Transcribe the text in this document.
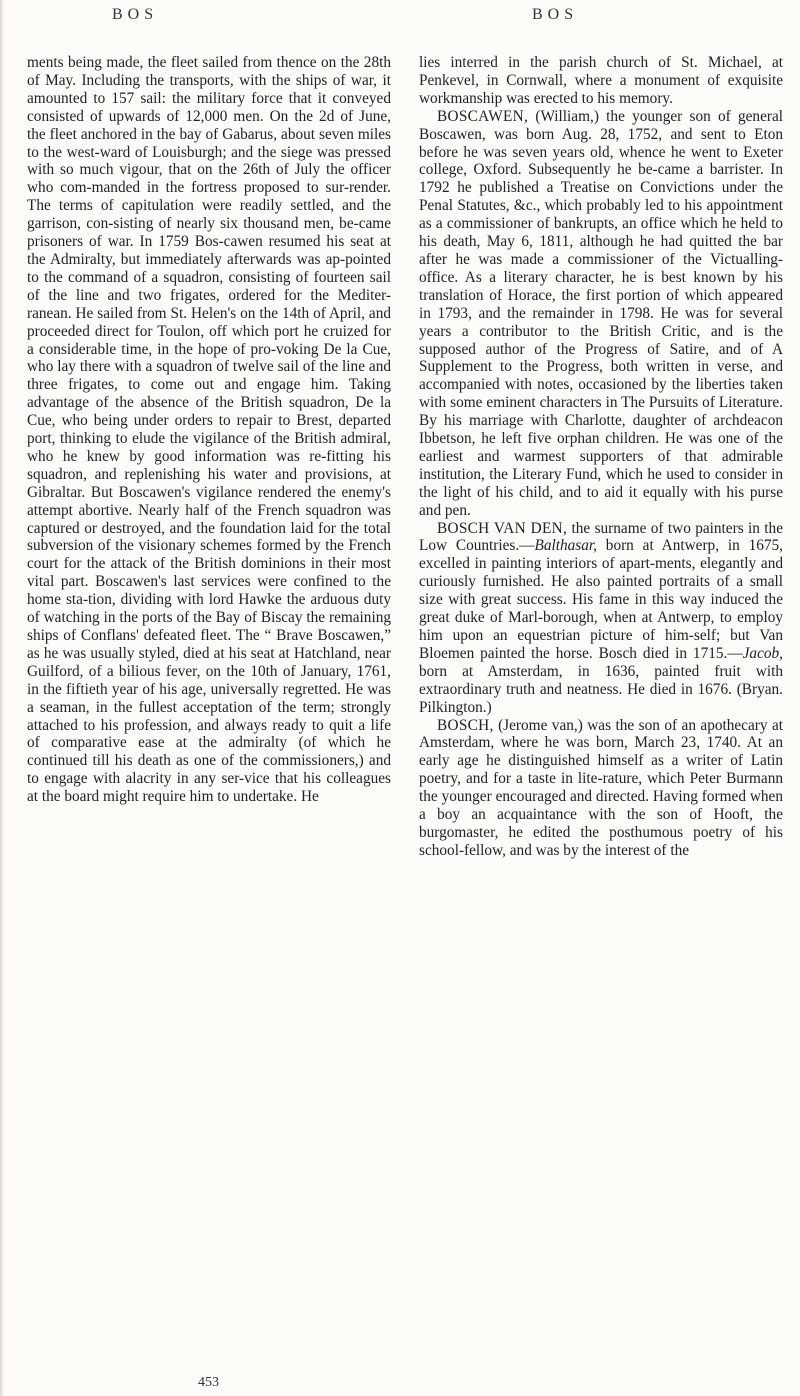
BOS	BOS

ments being made, the fleet sailed from thence on the 28th of May. Including the transports, with the ships of war, it amounted to 157 sail: the military force that it conveyed consisted of upwards of 12,000 men. On the 2d of June, the fleet anchored in the bay of Gabarus, about seven miles to the west-ward of Louisburgh; and the siege was pressed with so much vigour, that on the 26th of July the officer who com-manded in the fortress proposed to sur-render. The terms of capitulation were readily settled, and the garrison, con-sisting of nearly six thousand men, be-came prisoners of war. In 1759 Bos-cawen resumed his seat at the Admiralty, but immediately afterwards was ap-pointed to the command of a squadron, consisting of fourteen sail of the line and two frigates, ordered for the Mediter-ranean. He sailed from St. Helen's on the 14th of April, and proceeded direct for Toulon, off which port he cruized for a considerable time, in the hope of pro-voking De la Cue, who lay there with a squadron of twelve sail of the line and three frigates, to come out and engage him. Taking advantage of the absence of the British squadron, De la Cue, who being under orders to repair to Brest, departed port, thinking to elude the vigilance of the British admiral, who he knew by good information was re-fitting his squadron, and replenishing his water and provisions, at Gibraltar. But Boscawen's vigilance rendered the enemy's attempt abortive. Nearly half of the French squadron was captured or destroyed, and the foundation laid for the total subversion of the visionary schemes formed by the French court for the attack of the British dominions in their most vital part. Boscawen's last services were confined to the home sta-tion, dividing with lord Hawke the arduous duty of watching in the ports of the Bay of Biscay the remaining ships of Conflans' defeated fleet. The “ Brave Boscawen,” as he was usually styled, died at his seat at Hatchland, near Guilford, of a bilious fever, on the 10th of January, 1761, in the fiftieth year of his age, universally regretted. He was a seaman, in the fullest acceptation of the term; strongly attached to his profession, and always ready to quit a life of comparative ease at the admiralty (of which he continued till his death as one of the commissioners,) and to engage with alacrity in any ser-vice that his colleagues at the board might require him to undertake. He

lies interred in the parish church of St. Michael, at Penkevel, in Cornwall, where a monument of exquisite workmanship was erected to his memory.

BOSCAWEN, (William,) the younger son of general Boscawen, was born Aug. 28, 1752, and sent to Eton before he was seven years old, whence he went to Exeter college, Oxford. Subsequently he be-came a barrister. In 1792 he published a Treatise on Convictions under the Penal Statutes, &c., which probably led to his appointment as a commissioner of bankrupts, an office which he held to his death, May 6, 1811, although he had quitted the bar after he was made a commissioner of the Victualling-office. As a literary character, he is best known by his translation of Horace, the first portion of which appeared in 1793, and the remainder in 1798. He was for several years a contributor to the British Critic, and is the supposed author of the Progress of Satire, and of A Supplement to the Progress, both written in verse, and accompanied with notes, occasioned by the liberties taken with some eminent characters in The Pursuits of Literature. By his marriage with Charlotte, daughter of archdeacon Ibbetson, he left five orphan children. He was one of the earliest and warmest supporters of that admirable institution, the Literary Fund, which he used to consider in the light of his child, and to aid it equally with his purse and pen.

BOSCH VAN DEN, the surname of two painters in the Low Countries.—Balthasar, born at Antwerp, in 1675, excelled in painting interiors of apart-ments, elegantly and curiously furnished. He also painted portraits of a small size with great success. His fame in this way induced the great duke of Marl-borough, when at Antwerp, to employ him upon an equestrian picture of him-self; but Van Bloemen painted the horse. Bosch died in 1715.—Jacob, born at Amsterdam, in 1636, painted fruit with extraordinary truth and neatness. He died in 1676. (Bryan. Pilkington.)

BOSCH, (Jerome van,) was the son of an apothecary at Amsterdam, where he was born, March 23, 1740. At an early age he distinguished himself as a writer of Latin poetry, and for a taste in lite-rature, which Peter Burmann the younger encouraged and directed. Having formed when a boy an acquaintance with the son of Hooft, the burgomaster, he edited the posthumous poetry of his school-fellow, and was by the interest of the

453
